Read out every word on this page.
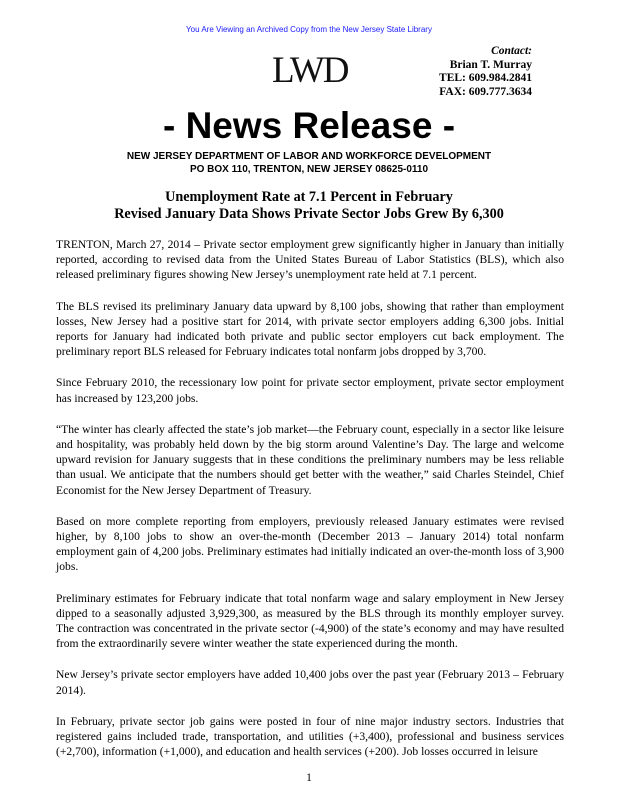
You Are Viewing an Archived Copy from the New Jersey State Library
LWD	Contact:
Brian T. Murray
TEL: 609.984.2841
FAX: 609.777.3634
- News Release -
NEW JERSEY DEPARTMENT OF LABOR AND WORKFORCE DEVELOPMENT
PO BOX 110, TRENTON, NEW JERSEY 08625-0110
Unemployment Rate at 7.1 Percent in February
Revised January Data Shows Private Sector Jobs Grew By 6,300

TRENTON, March 27, 2014 – Private sector employment grew significantly higher in January than initially reported, according to revised data from the United States Bureau of Labor Statistics (BLS), which also released preliminary figures showing New Jersey’s unemployment rate held at 7.1 percent.

The BLS revised its preliminary January data upward by 8,100 jobs, showing that rather than employment losses, New Jersey had a positive start for 2014, with private sector employers adding 6,300 jobs. Initial reports for January had indicated both private and public sector employers cut back employment. The preliminary report BLS released for February indicates total nonfarm jobs dropped by 3,700.

Since February 2010, the recessionary low point for private sector employment, private sector employment has increased by 123,200 jobs.

“The winter has clearly affected the state’s job market—the February count, especially in a sector like leisure and hospitality, was probably held down by the big storm around Valentine’s Day. The large and welcome upward revision for January suggests that in these conditions the preliminary numbers may be less reliable than usual. We anticipate that the numbers should get better with the weather,” said Charles Steindel, Chief Economist for the New Jersey Department of Treasury.

Based on more complete reporting from employers, previously released January estimates were revised higher, by 8,100 jobs to show an over-the-month (December 2013 – January 2014) total nonfarm employment gain of 4,200 jobs. Preliminary estimates had initially indicated an over-the-month loss of 3,900 jobs.

Preliminary estimates for February indicate that total nonfarm wage and salary employment in New Jersey dipped to a seasonally adjusted 3,929,300, as measured by the BLS through its monthly employer survey. The contraction was concentrated in the private sector (-4,900) of the state’s economy and may have resulted from the extraordinarily severe winter weather the state experienced during the month.

New Jersey’s private sector employers have added 10,400 jobs over the past year (February 2013 – February 2014).

In February, private sector job gains were posted in four of nine major industry sectors. Industries that registered gains included trade, transportation, and utilities (+3,400), professional and business services (+2,700), information (+1,000), and education and health services (+200). Job losses occurred in leisure

1
